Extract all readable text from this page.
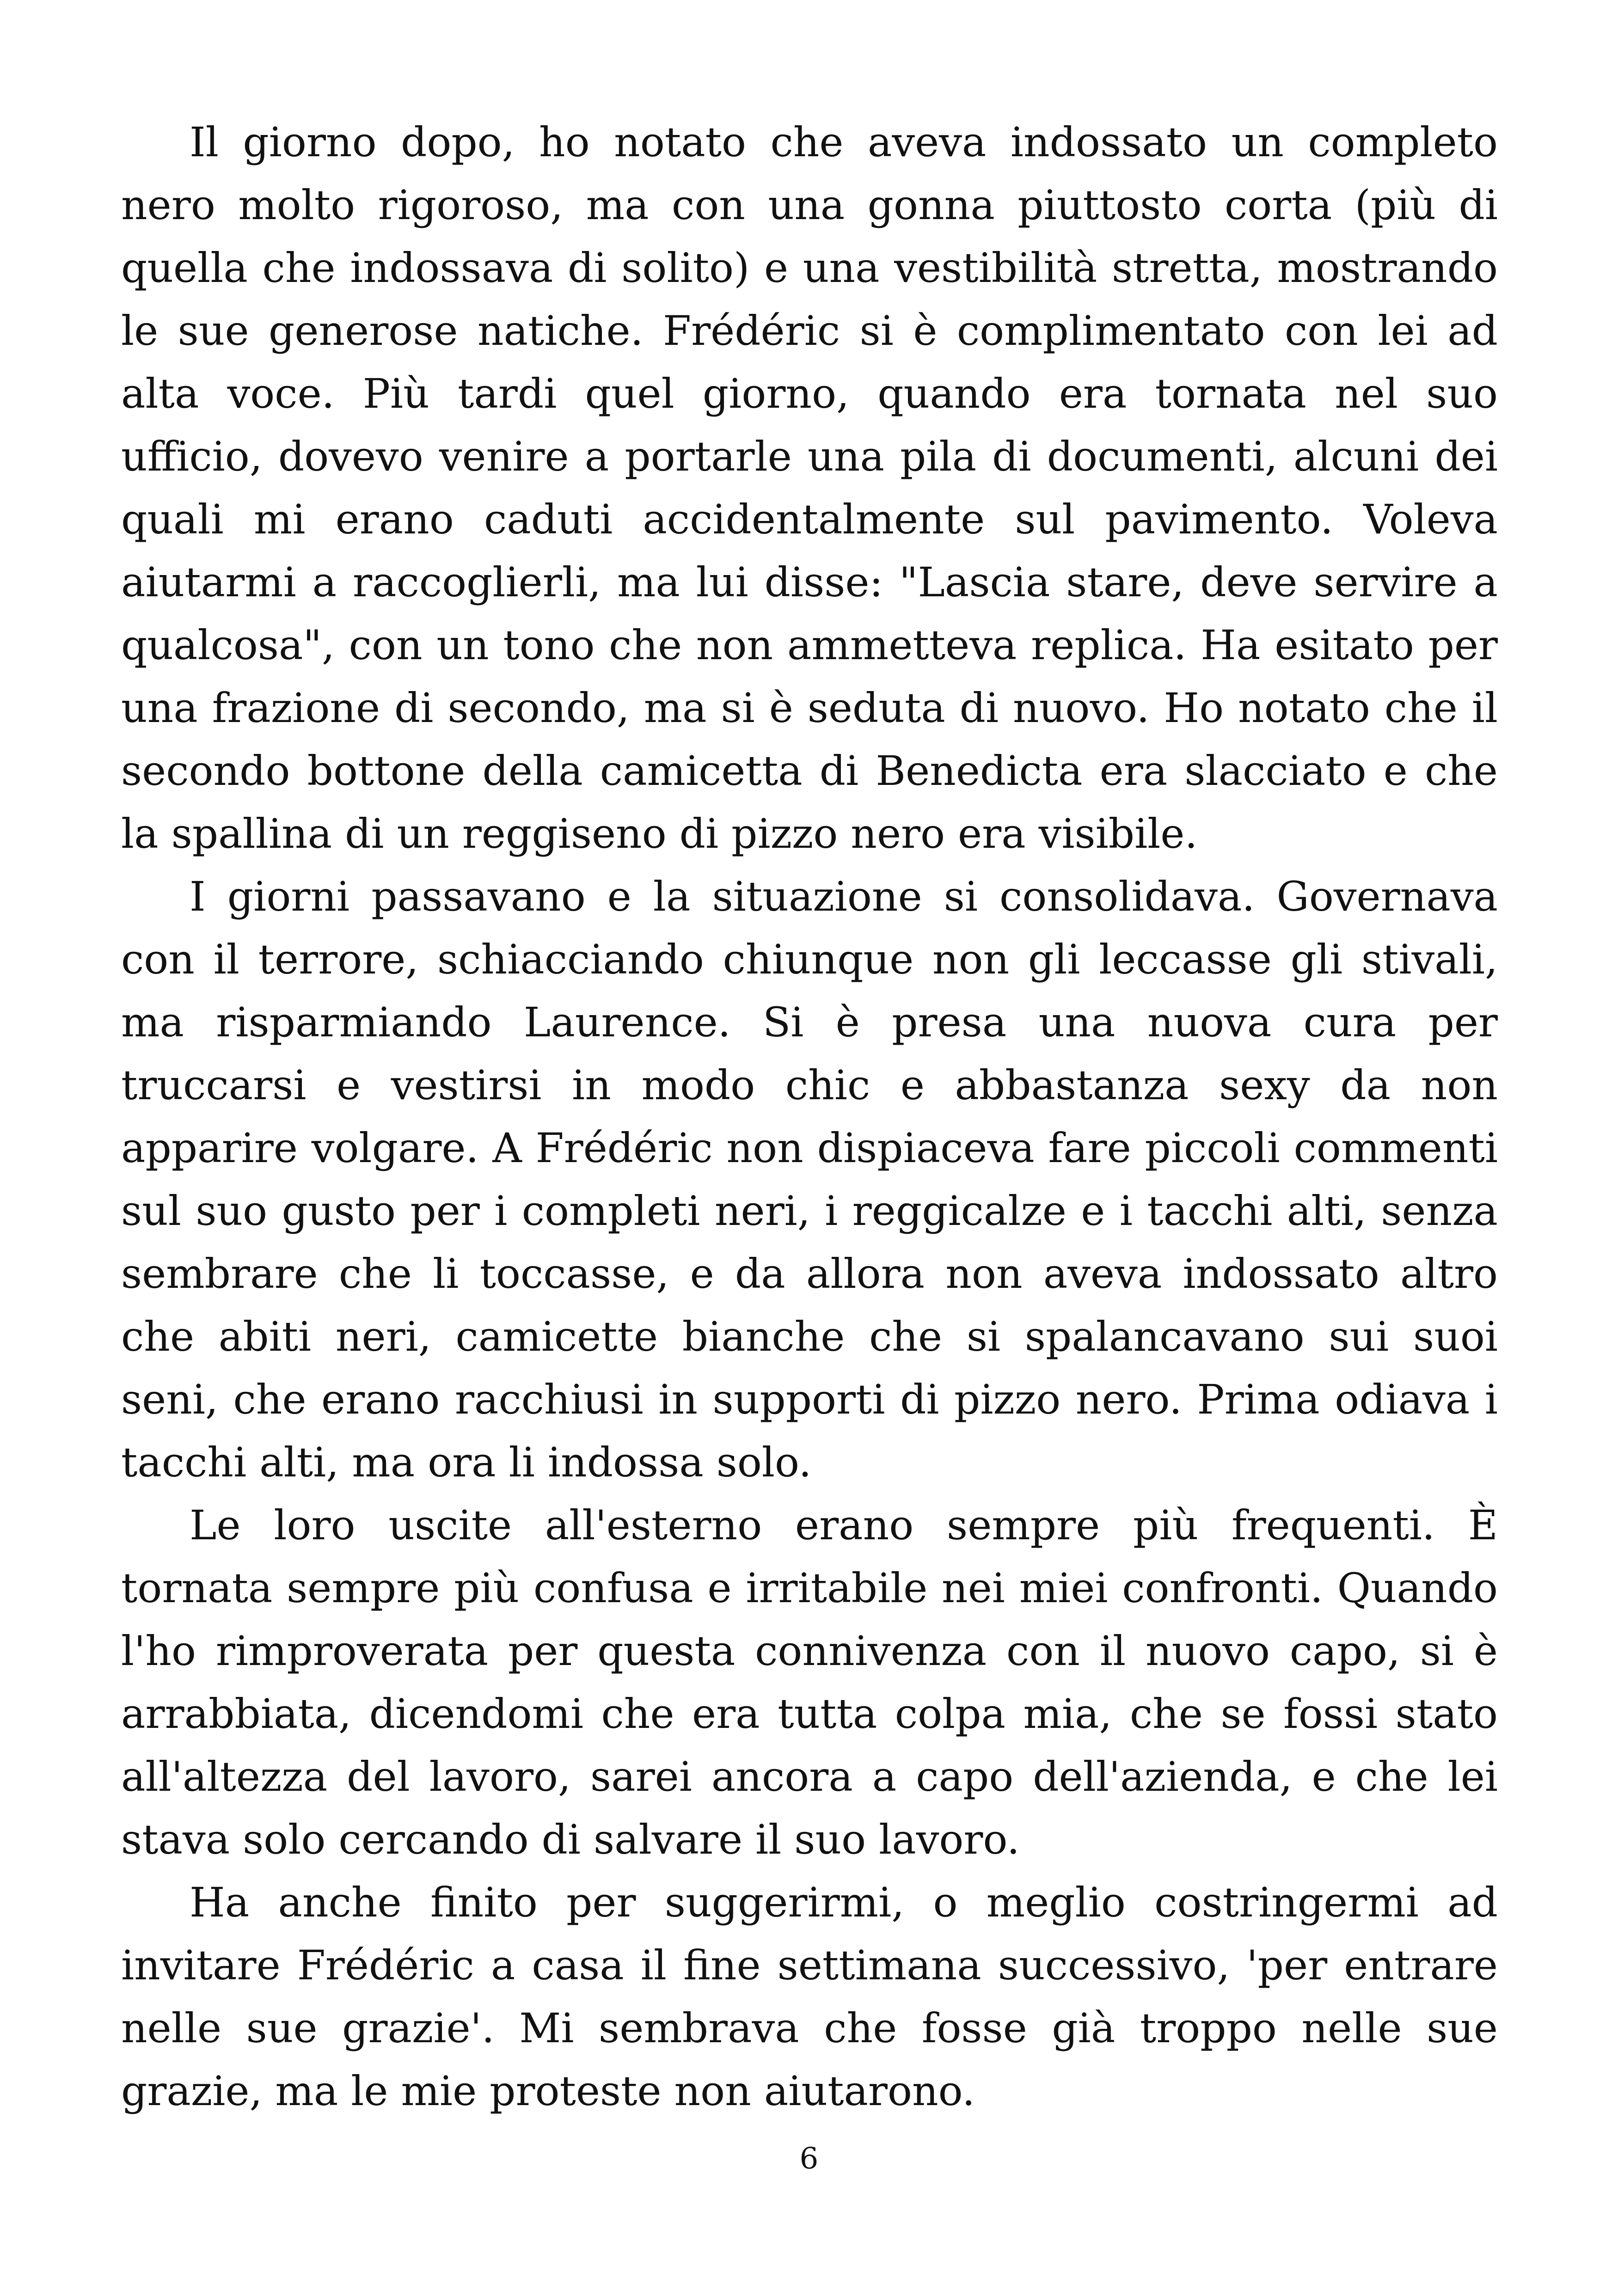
Il giorno dopo, ho notato che aveva indossato un completo nero molto rigoroso, ma con una gonna piuttosto corta (più di quella che indossava di solito) e una vestibilità stretta, mostrando le sue generose natiche. Frédéric si è complimentato con lei ad alta voce. Più tardi quel giorno, quando era tornata nel suo ufficio, dovevo venire a portarle una pila di documenti, alcuni dei quali mi erano caduti accidentalmente sul pavimento. Voleva aiutarmi a raccoglierli, ma lui disse: "Lascia stare, deve servire a qualcosa", con un tono che non ammetteva replica. Ha esitato per una frazione di secondo, ma si è seduta di nuovo. Ho notato che il secondo bottone della camicetta di Benedicta era slacciato e che la spallina di un reggiseno di pizzo nero era visibile.

I giorni passavano e la situazione si consolidava. Governava con il terrore, schiacciando chiunque non gli leccasse gli stivali, ma risparmiando Laurence. Si è presa una nuova cura per truccarsi e vestirsi in modo chic e abbastanza sexy da non apparire volgare. A Frédéric non dispiaceva fare piccoli commenti sul suo gusto per i completi neri, i reggicalze e i tacchi alti, senza sembrare che li toccasse, e da allora non aveva indossato altro che abiti neri, camicette bianche che si spalancavano sui suoi seni, che erano racchiusi in supporti di pizzo nero. Prima odiava i tacchi alti, ma ora li indossa solo.

Le loro uscite all'esterno erano sempre più frequenti. È tornata sempre più confusa e irritabile nei miei confronti. Quando l'ho rimproverata per questa connivenza con il nuovo capo, si è arrabbiata, dicendomi che era tutta colpa mia, che se fossi stato all'altezza del lavoro, sarei ancora a capo dell'azienda, e che lei stava solo cercando di salvare il suo lavoro.

Ha anche finito per suggerirmi, o meglio costringermi ad invitare Frédéric a casa il fine settimana successivo, 'per entrare nelle sue grazie'. Mi sembrava che fosse già troppo nelle sue grazie, ma le mie proteste non aiutarono.

6
